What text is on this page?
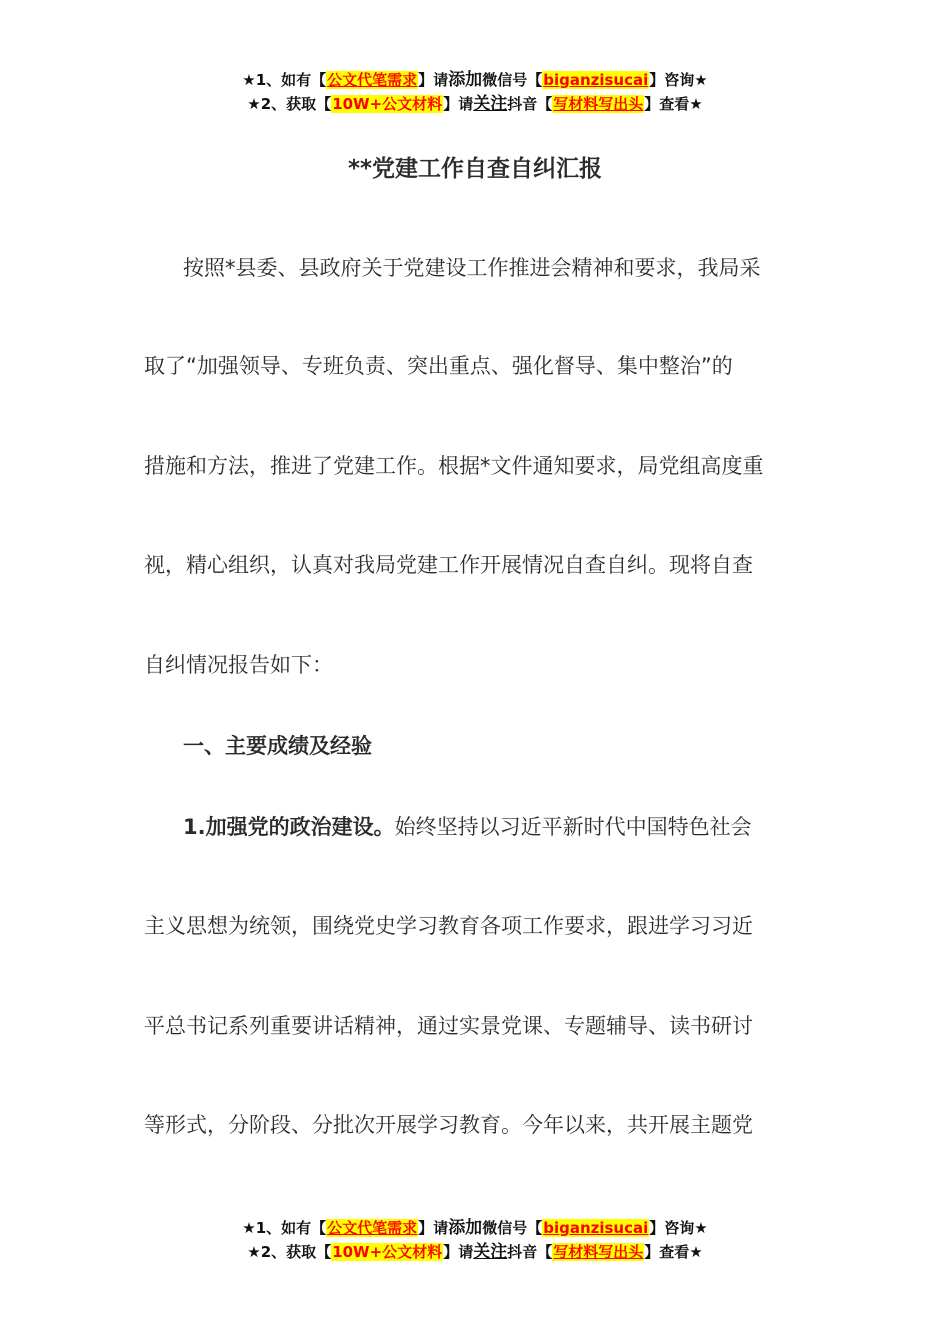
★1、如有【公文代笔需求】请添加微信号【biganzisucai】咨询★
★2、获取【10W+公文材料】请关注抖音【写材料写出头】查看★
**党建工作自查自纠汇报
按照*县委、县政府关于党建设工作推进会精神和要求，我局采
取了“加强领导、专班负责、突出重点、强化督导、集中整治”的
措施和方法，推进了党建工作。根据*文件通知要求，局党组高度重
视，精心组织，认真对我局党建工作开展情况自查自纠。现将自查
自纠情况报告如下：
一、主要成绩及经验
1.加强党的政治建设。始终坚持以习近平新时代中国特色社会
主义思想为统领，围绕党史学习教育各项工作要求，跟进学习习近
平总书记系列重要讲话精神，通过实景党课、专题辅导、读书研讨
等形式，分阶段、分批次开展学习教育。今年以来，共开展主题党
★1、如有【公文代笔需求】请添加微信号【biganzisucai】咨询★
★2、获取【10W+公文材料】请关注抖音【写材料写出头】查看★
